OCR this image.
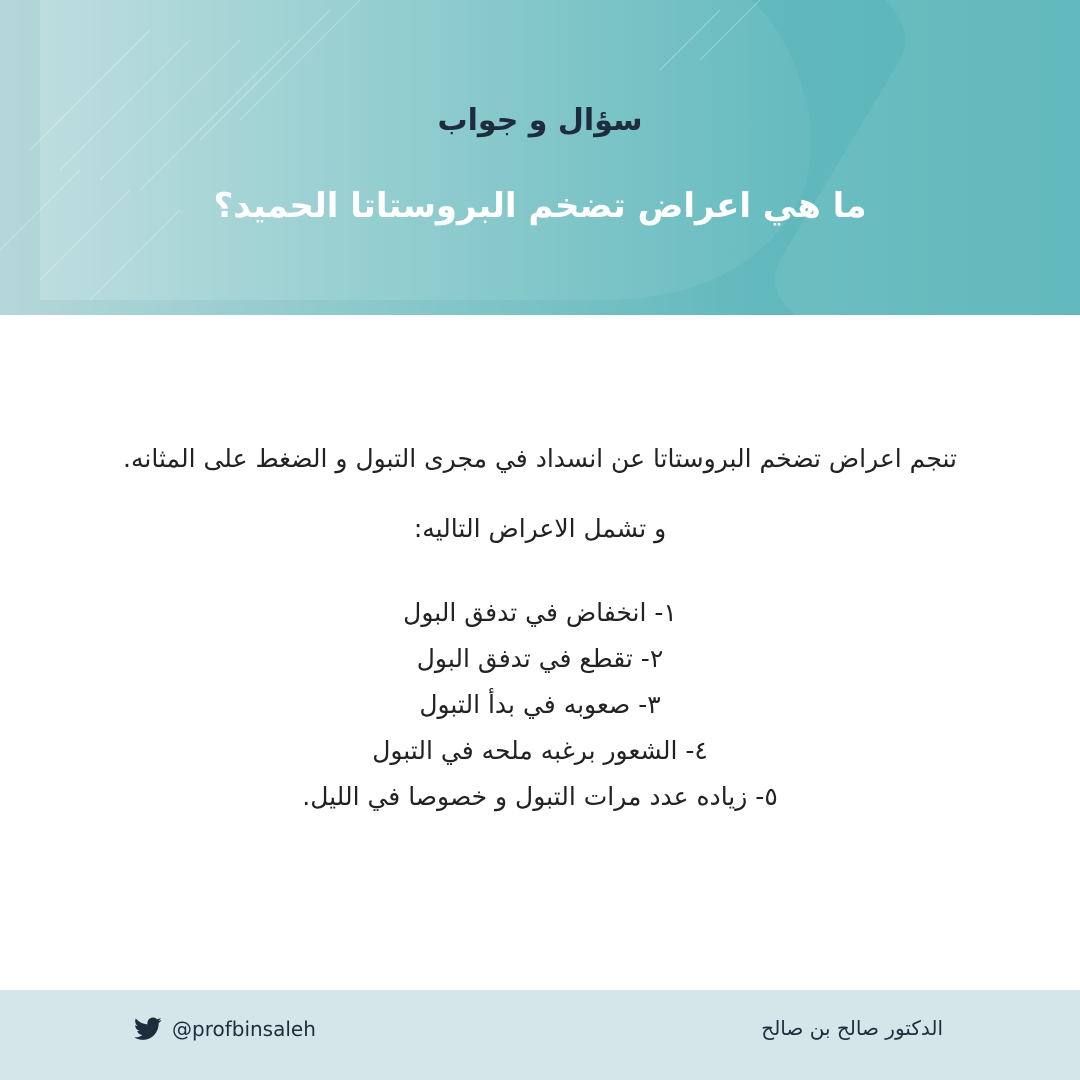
سؤال و جواب
ما هي اعراض تضخم البروستاتا الحميد؟

تنجم اعراض تضخم البروستاتا عن انسداد في مجرى التبول و الضغط على المثانه.

و تشمل الاعراض التاليه:

١- انخفاض في تدفق البول
٢- تقطع في تدفق البول
٣- صعوبه في بدأ التبول
٤- الشعور برغبه ملحه في التبول
٥- زياده عدد مرات التبول و خصوصا في الليل.
@profbinsaleh	الدكتور صالح بن صالح
